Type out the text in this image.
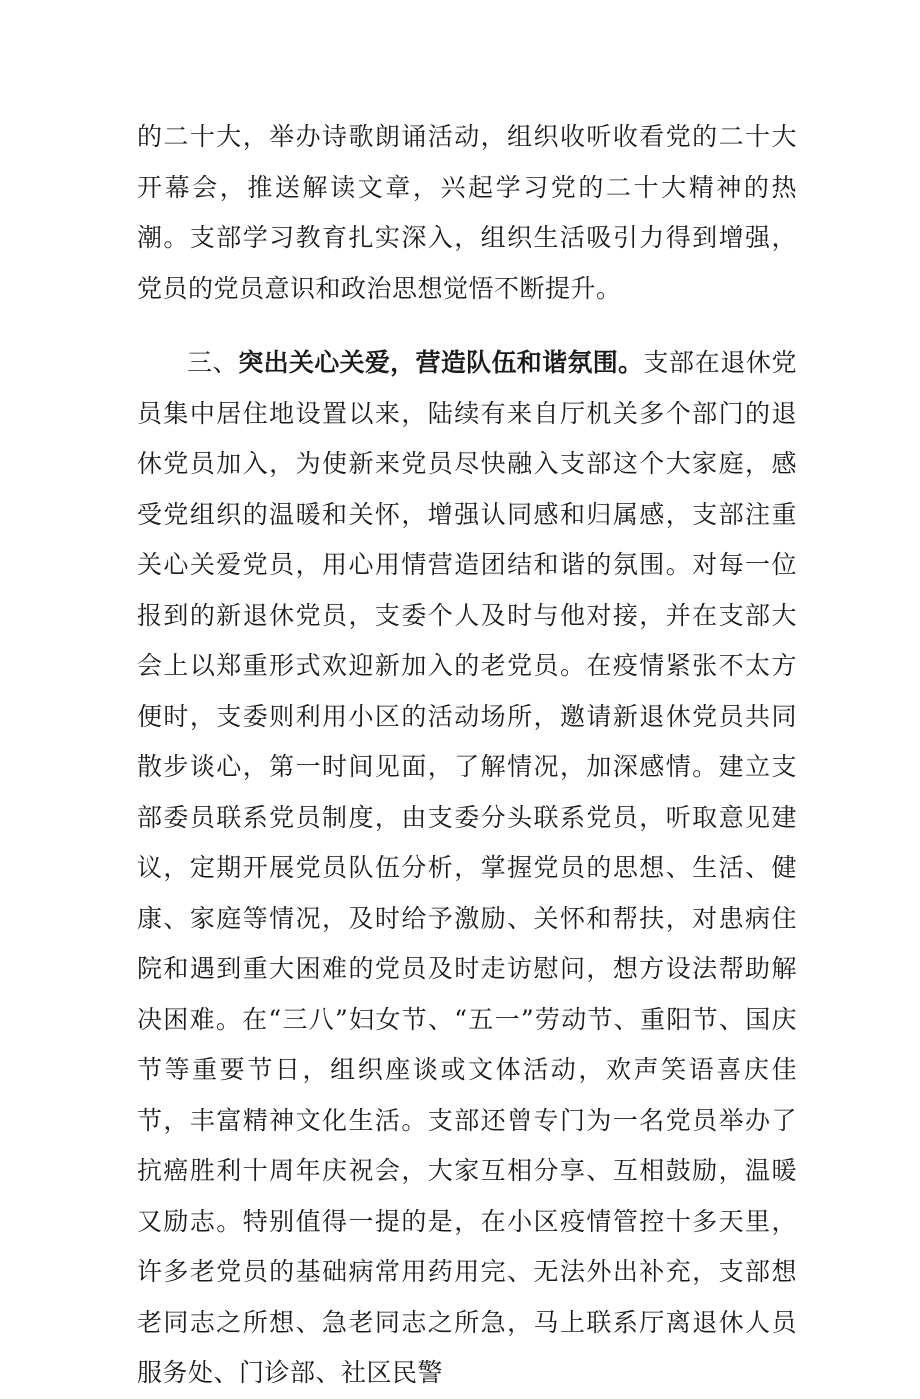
的二十大，举办诗歌朗诵活动，组织收听收看党的二十大开幕会，推送解读文章，兴起学习党的二十大精神的热潮。支部学习教育扎实深入，组织生活吸引力得到增强，党员的党员意识和政治思想觉悟不断提升。

三、突出关心关爱，营造队伍和谐氛围。支部在退休党员集中居住地设置以来，陆续有来自厅机关多个部门的退休党员加入，为使新来党员尽快融入支部这个大家庭，感受党组织的温暖和关怀，增强认同感和归属感，支部注重关心关爱党员，用心用情营造团结和谐的氛围。对每一位报到的新退休党员，支委个人及时与他对接，并在支部大会上以郑重形式欢迎新加入的老党员。在疫情紧张不太方便时，支委则利用小区的活动场所，邀请新退休党员共同散步谈心，第一时间见面，了解情况，加深感情。建立支部委员联系党员制度，由支委分头联系党员，听取意见建议，定期开展党员队伍分析，掌握党员的思想、生活、健康、家庭等情况，及时给予激励、关怀和帮扶，对患病住院和遇到重大困难的党员及时走访慰问，想方设法帮助解决困难。在“三八”妇女节、“五一”劳动节、重阳节、国庆节等重要节日，组织座谈或文体活动，欢声笑语喜庆佳节，丰富精神文化生活。支部还曾专门为一名党员举办了抗癌胜利十周年庆祝会，大家互相分享、互相鼓励，温暖又励志。特别值得一提的是，在小区疫情管控十多天里，许多老党员的基础病常用药用完、无法外出补充，支部想老同志之所想、急老同志之所急，马上联系厅离退休人员服务处、门诊部、社区民警
